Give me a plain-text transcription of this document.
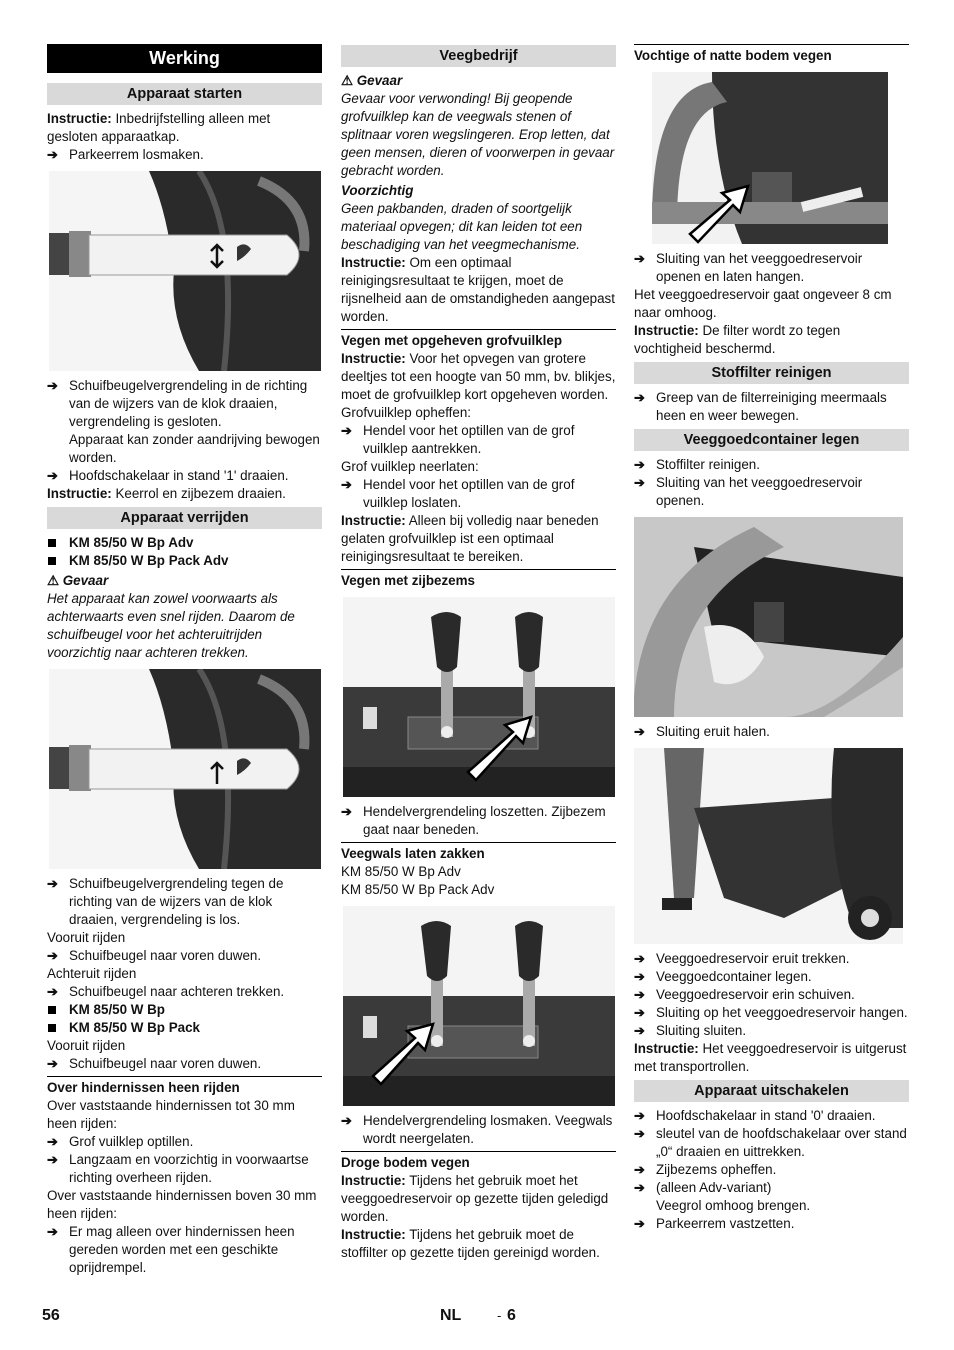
Werking
Apparaat starten

Instructie: Inbedrijfstelling alleen met gesloten apparaatkap.

➔ Parkeerrem losmaken.
➔ Schuifbeugelvergrendeling in de richting van de wijzers van de klok draaien, vergrendeling is gesloten.

Apparaat kan zonder aandrijving bewogen worden.

➔ Hoofdschakelaar in stand '1' draaien.

Instructie: Keerrol en zijbezem draaien.

Apparaat verrijden
KM 85/50 W Bp Adv
KM 85/50 W Bp Pack Adv

⚠ Gevaar

Het apparaat kan zowel voorwaarts als achterwaarts even snel rijden. Daarom de schuifbeugel voor het achteruitrijden voorzichtig naar achteren trekken.

➔ Schuifbeugelvergrendeling tegen de richting van de wijzers van de klok draaien, vergrendeling is los.

Vooruit rijden

➔ Schuifbeugel naar voren duwen.

Achteruit rijden

➔ Schuifbeugel naar achteren trekken.
KM 85/50 W Bp
KM 85/50 W Bp Pack

Vooruit rijden

➔ Schuifbeugel naar voren duwen.
Over hindernissen heen rijden

Over vaststaande hindernissen tot 30 mm heen rijden:

➔ Grof vuilklep optillen.
➔ Langzaam en voorzichtig in voorwaartse richting overheen rijden.

Over vaststaande hindernissen boven 30 mm heen rijden:

➔ Er mag alleen over hindernissen heen gereden worden met een geschikte oprijdrempel.
Veegbedrijf

⚠ Gevaar

Gevaar voor verwonding! Bij geopende grofvuilklep kan de veegwals stenen of splitnaar voren wegslingeren. Erop letten, dat geen mensen, dieren of voorwerpen in gevaar gebracht worden.

Voorzichtig

Geen pakbanden, draden of soortgelijk materiaal opvegen; dit kan leiden tot een beschadiging van het veegmechanisme.

Instructie: Om een optimaal reinigingsresultaat te krijgen, moet de rijsnelheid aan de omstandigheden aangepast worden.

Vegen met opgeheven grofvuilklep

Instructie: Voor het opvegen van grotere deeltjes tot een hoogte van 50 mm, bv. blikjes, moet de grofvuilklep kort opgeheven worden.

Grofvuilklep opheffen:

➔ Hendel voor het optillen van de grof vuilklep aantrekken.

Grof vuilklep neerlaten:

➔ Hendel voor het optillen van de grof vuilklep loslaten.

Instructie: Alleen bij volledig naar beneden gelaten grofvuilklep ist een optimaal reinigingsresultaat te bereiken.

Vegen met zijbezems
➔ Hendelvergrendeling loszetten. Zijbezem gaat naar beneden.
Veegwals laten zakken

KM 85/50 W Bp Adv

KM 85/50 W Bp Pack Adv

➔ Hendelvergrendeling losmaken. Veegwals wordt neergelaten.
Droge bodem vegen

Instructie: Tijdens het gebruik moet het veeggoedreservoir op gezette tijden geledigd worden.

Instructie: Tijdens het gebruik moet de stoffilter op gezette tijden gereinigd worden.

Vochtige of natte bodem vegen
➔ Sluiting van het veeggoedreservoir openen en laten hangen.

Het veeggoedreservoir gaat ongeveer 8 cm naar omhoog.

Instructie: De filter wordt zo tegen vochtigheid beschermd.

Stoffilter reinigen
➔ Greep van de filterreiniging meermaals heen en weer bewegen.
Veeggoedcontainer legen
➔ Stoffilter reinigen.
➔ Sluiting van het veeggoedreservoir openen.
➔ Sluiting eruit halen.
➔ Veeggoedreservoir eruit trekken.
➔ Veeggoedcontainer legen.
➔ Veeggoedreservoir erin schuiven.
➔ Sluiting op het veeggoedreservoir hangen.
➔ Sluiting sluiten.

Instructie: Het veeggoedreservoir is uitgerust met transportrollen.

Apparaat uitschakelen
➔ Hoofdschakelaar in stand '0' draaien.
➔ sleutel van de hoofdschakelaar over stand „0“ draaien en uittrekken.
➔ Zijbezems opheffen.
➔ (alleen Adv-variant)

Veegrol omhoog brengen.

➔ Parkeerrem vastzetten.
56	NL	- 6
